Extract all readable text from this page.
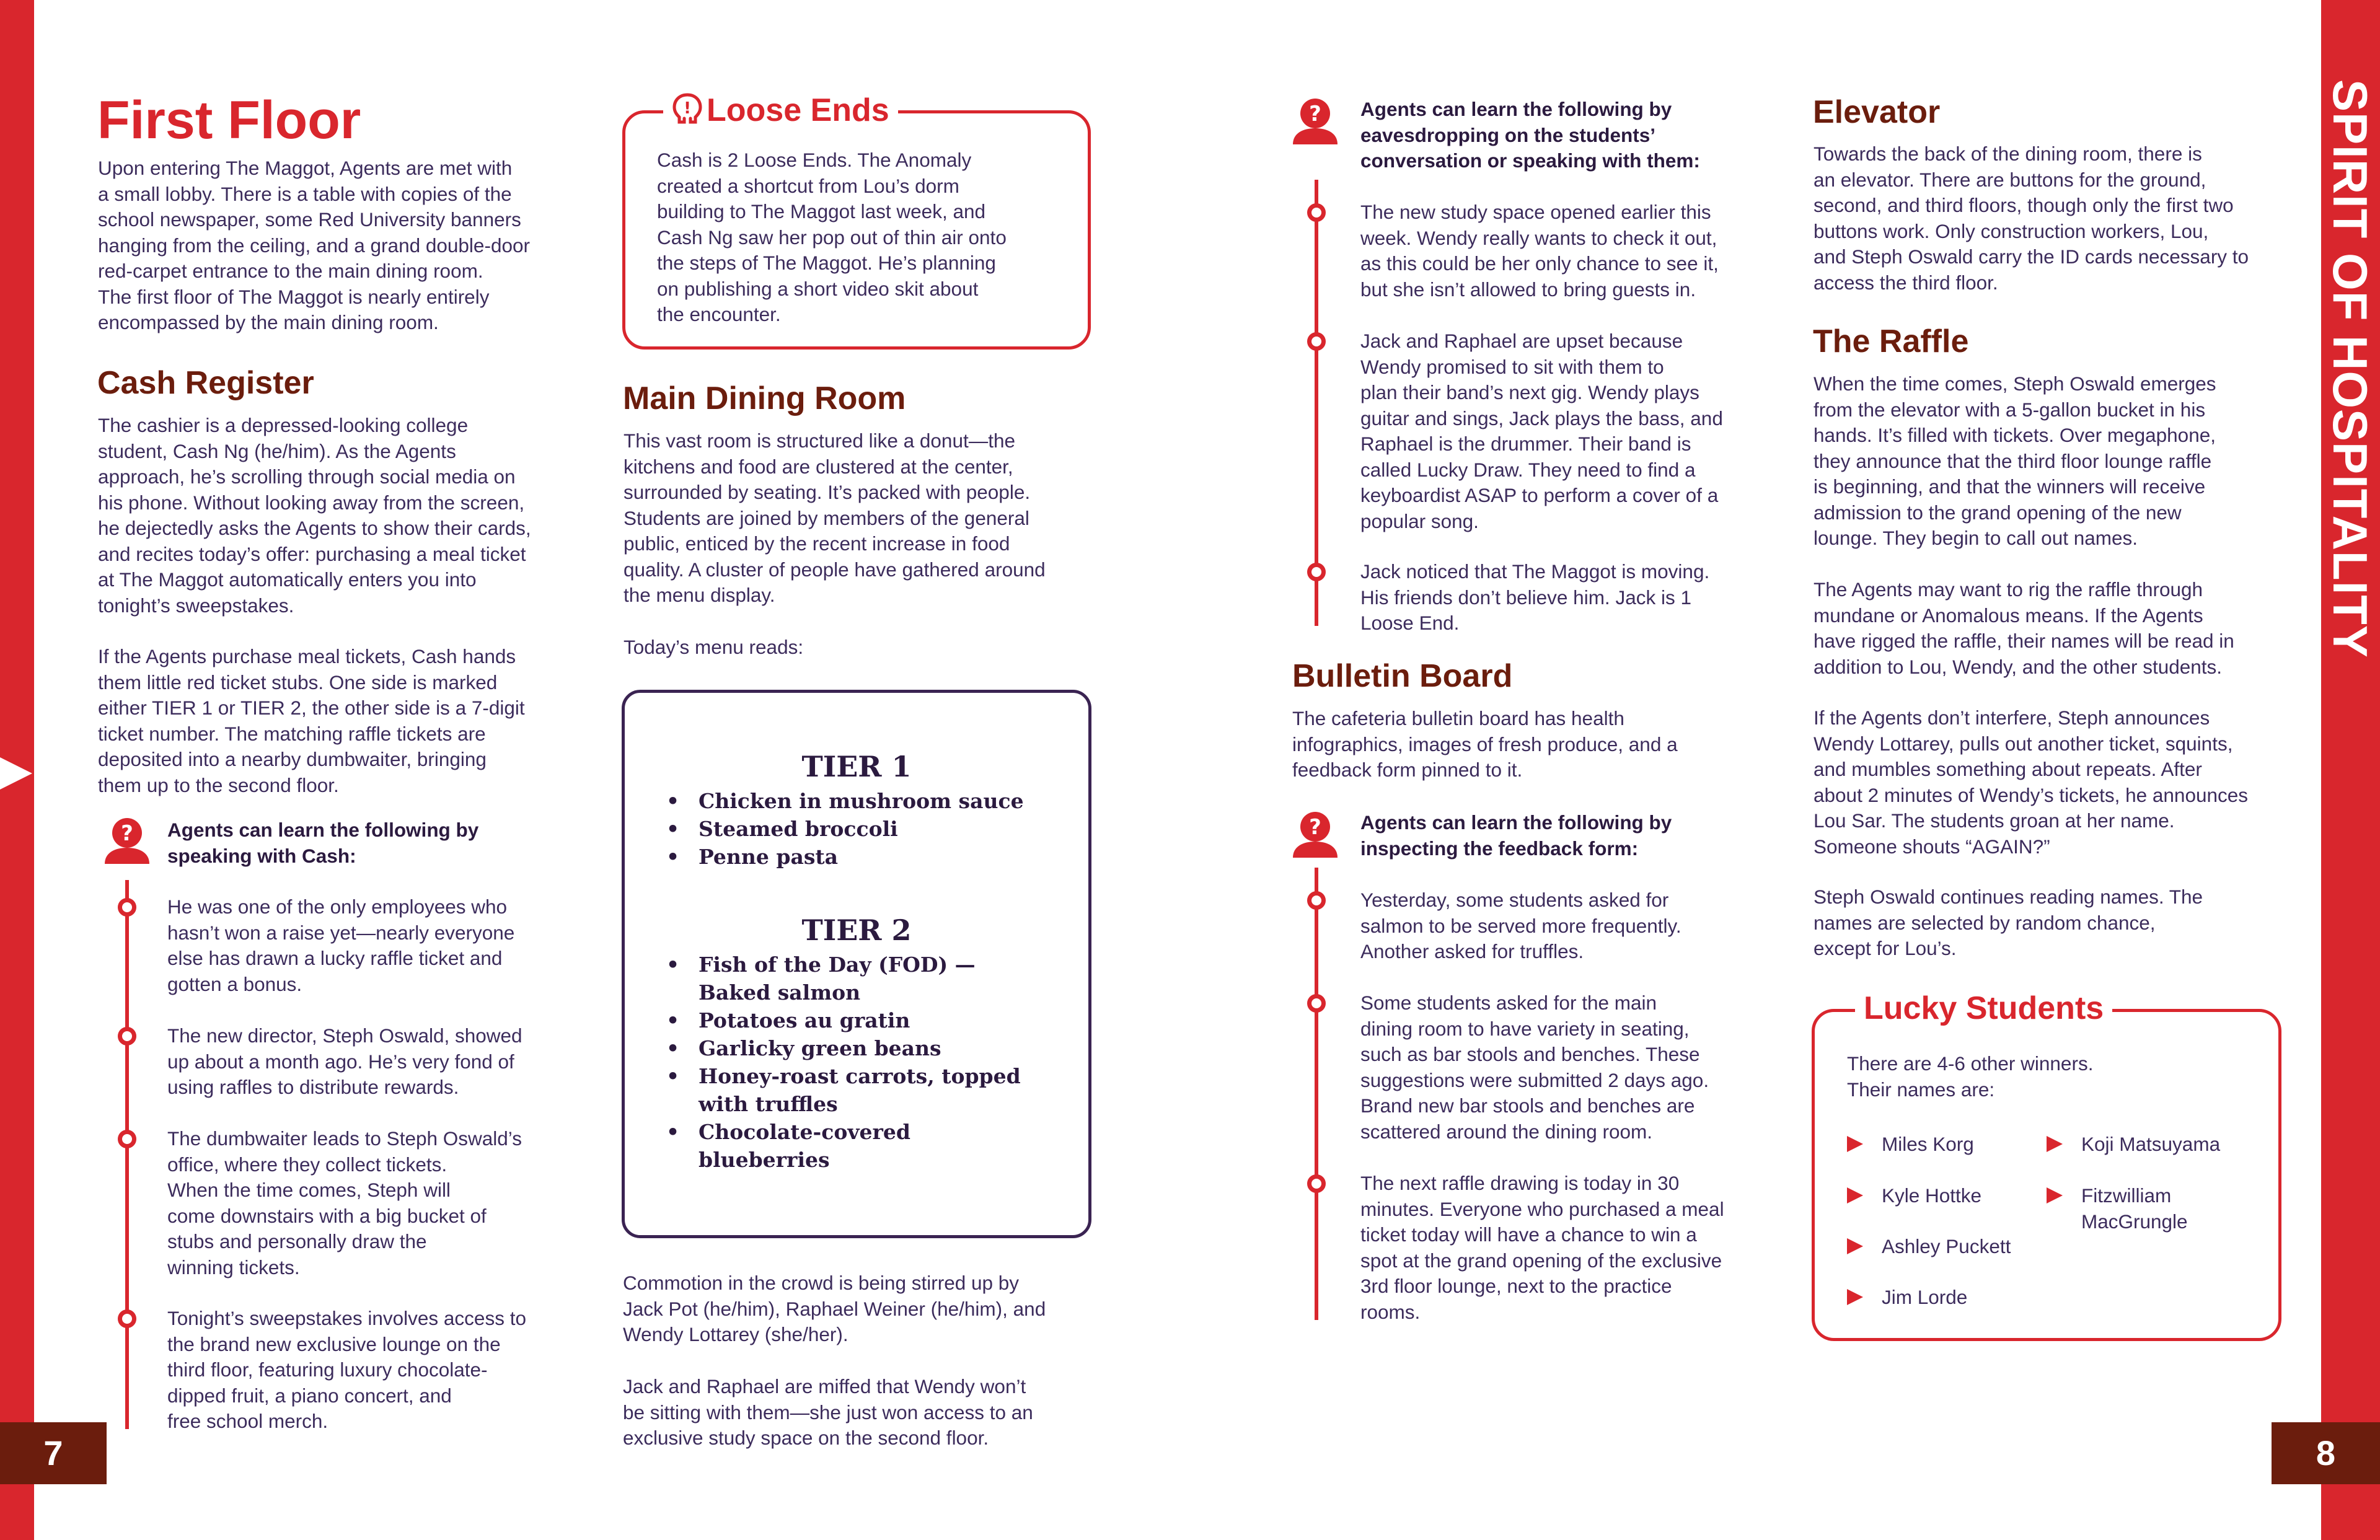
SPIRIT OF HOSPITALITY
7	8
First Floor
Upon entering The Maggot, Agents are met with
a small lobby. There is a table with copies of the
school newspaper, some Red University banners
hanging from the ceiling, and a grand double-door
red-carpet entrance to the main dining room.
The first floor of The Maggot is nearly entirely
encompassed by the main dining room.
Cash Register
The cashier is a depressed-looking college
student, Cash Ng (he/him). As the Agents
approach, he’s scrolling through social media on
his phone. Without looking away from the screen,
he dejectedly asks the Agents to show their cards,
and recites today’s offer: purchasing a meal ticket
at The Maggot automatically enters you into
tonight’s sweepstakes.
If the Agents purchase meal tickets, Cash hands
them little red ticket stubs. One side is marked
either TIER 1 or TIER 2, the other side is a 7-digit
ticket number. The matching raffle tickets are
deposited into a nearby dumbwaiter, bringing
them up to the second floor.
? Agents can learn the following by
speaking with Cash:
He was one of the only employees who
hasn’t won a raise yet—nearly everyone
else has drawn a lucky raffle ticket and
gotten a bonus.
The new director, Steph Oswald, showed
up about a month ago. He’s very fond of
using raffles to distribute rewards.
The dumbwaiter leads to Steph Oswald’s
office, where they collect tickets.
When the time comes, Steph will
come downstairs with a big bucket of
stubs and personally draw the
winning tickets.
Tonight’s sweepstakes involves access to
the brand new exclusive lounge on the
third floor, featuring luxury chocolate-
dipped fruit, a piano concert, and
free school merch.
! Loose Ends
Cash is 2 Loose Ends. The Anomaly
created a shortcut from Lou’s dorm
building to The Maggot last week, and
Cash Ng saw her pop out of thin air onto
the steps of The Maggot. He’s planning
on publishing a short video skit about
the encounter.
Main Dining Room
This vast room is structured like a donut—the
kitchens and food are clustered at the center,
surrounded by seating. It’s packed with people.
Students are joined by members of the general
public, enticed by the recent increase in food
quality. A cluster of people have gathered around
the menu display.
Today’s menu reads:
TIER 1
• Chicken in mushroom sauce
• Steamed broccoli
• Penne pasta
TIER 2
• Fish of the Day (FOD) —
Baked salmon
• Potatoes au gratin
• Garlicky green beans
• Honey-roast carrots, topped
with truffles
• Chocolate-covered
blueberries
Commotion in the crowd is being stirred up by
Jack Pot (he/him), Raphael Weiner (he/him), and
Wendy Lottarey (she/her).
Jack and Raphael are miffed that Wendy won’t
be sitting with them—she just won access to an
exclusive study space on the second floor.
? Agents can learn the following by
eavesdropping on the students’
conversation or speaking with them:
The new study space opened earlier this
week. Wendy really wants to check it out,
as this could be her only chance to see it,
but she isn’t allowed to bring guests in.
Jack and Raphael are upset because
Wendy promised to sit with them to
plan their band’s next gig. Wendy plays
guitar and sings, Jack plays the bass, and
Raphael is the drummer. Their band is
called Lucky Draw. They need to find a
keyboardist ASAP to perform a cover of a
popular song.
Jack noticed that The Maggot is moving.
His friends don’t believe him. Jack is 1
Loose End.
Bulletin Board
The cafeteria bulletin board has health
infographics, images of fresh produce, and a
feedback form pinned to it.
? Agents can learn the following by
inspecting the feedback form:
Yesterday, some students asked for
salmon to be served more frequently.
Another asked for truffles.
Some students asked for the main
dining room to have variety in seating,
such as bar stools and benches. These
suggestions were submitted 2 days ago.
Brand new bar stools and benches are
scattered around the dining room.
The next raffle drawing is today in 30
minutes. Everyone who purchased a meal
ticket today will have a chance to win a
spot at the grand opening of the exclusive
3rd floor lounge, next to the practice
rooms.
Elevator
Towards the back of the dining room, there is
an elevator. There are buttons for the ground,
second, and third floors, though only the first two
buttons work. Only construction workers, Lou,
and Steph Oswald carry the ID cards necessary to
access the third floor.
The Raffle
When the time comes, Steph Oswald emerges
from the elevator with a 5-gallon bucket in his
hands. It’s filled with tickets. Over megaphone,
they announce that the third floor lounge raffle
is beginning, and that the winners will receive
admission to the grand opening of the new
lounge. They begin to call out names.
The Agents may want to rig the raffle through
mundane or Anomalous means. If the Agents
have rigged the raffle, their names will be read in
addition to Lou, Wendy, and the other students.
If the Agents don’t interfere, Steph announces
Wendy Lottarey, pulls out another ticket, squints,
and mumbles something about repeats. After
about 2 minutes of Wendy’s tickets, he announces
Lou Sar. The students groan at her name.
Someone shouts “AGAIN?”
Steph Oswald continues reading names. The
names are selected by random chance,
except for Lou’s.
Lucky Students
There are 4-6 other winners.
Their names are:
Miles Korg
Kyle Hottke
Ashley Puckett
Jim Lorde
Koji Matsuyama
Fitzwilliam
MacGrungle
